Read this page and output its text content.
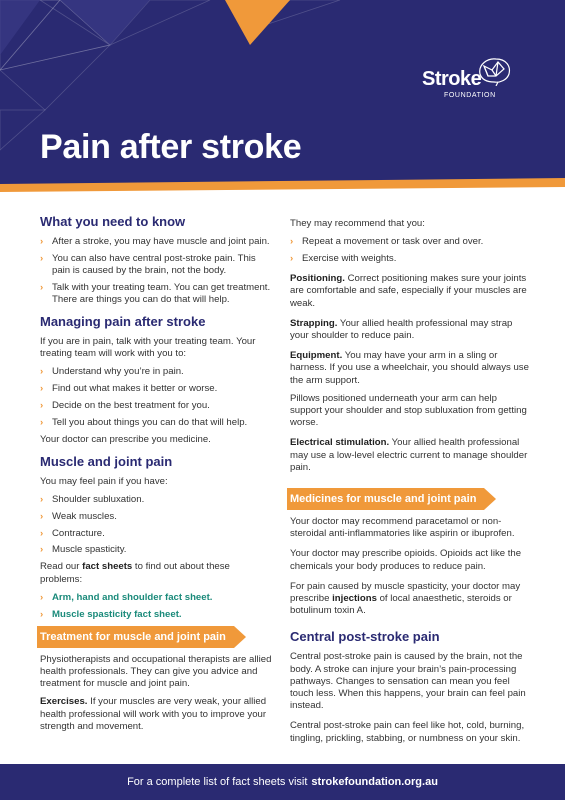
Stroke
FOUNDATION
Pain after stroke
What you need to know
› After a stroke, you may have muscle and joint pain.
› You can also have central post-stroke pain. This pain is caused by the brain, not the body.
› Talk with your treating team. You can get treatment. There are things you can do that will help.
Managing pain after stroke

If you are in pain, talk with your treating team. Your treating team will work with you to:

› Understand why you’re in pain.
› Find out what makes it better or worse.
› Decide on the best treatment for you.
› Tell you about things you can do that will help.

Your doctor can prescribe you medicine.

Muscle and joint pain

You may feel pain if you have:

› Shoulder subluxation.
› Weak muscles.
› Contracture.
› Muscle spasticity.

Read our fact sheets to find out about these problems:

› Arm, hand and shoulder fact sheet.
› Muscle spasticity fact sheet.
Treatment for muscle and joint pain

Physiotherapists and occupational therapists are allied health professionals. They can give you advice and treatment for muscle and joint pain.

Exercises. If your muscles are very weak, your allied health professional will work with you to improve your strength and movement.

They may recommend that you:

› Repeat a movement or task over and over.
› Exercise with weights.

Positioning. Correct positioning makes sure your joints are comfortable and safe, especially if your muscles are weak.

Strapping. Your allied health professional may strap your shoulder to reduce pain.

Equipment. You may have your arm in a sling or harness. If you use a wheelchair, you should always use the arm support.

Pillows positioned underneath your arm can help support your shoulder and stop subluxation from getting worse.

Electrical stimulation. Your allied health professional may use a low-level electric current to manage shoulder pain.

Medicines for muscle and joint pain

Your doctor may recommend paracetamol or non-steroidal anti-inflammatories like aspirin or ibuprofen.

Your doctor may prescribe opioids. Opioids act like the chemicals your body produces to reduce pain.

For pain caused by muscle spasticity, your doctor may prescribe injections of local anaesthetic, steroids or botulinum toxin A.

Central post-stroke pain

Central post-stroke pain is caused by the brain, not the body. A stroke can injure your brain’s pain-processing pathways. Changes to sensation can mean you feel touch less. When this happens, your brain can feel pain instead.

Central post-stroke pain can feel like hot, cold, burning, tingling, prickling, stabbing, or numbness on your skin.

For a complete list of fact sheets visit strokefoundation.org.au
